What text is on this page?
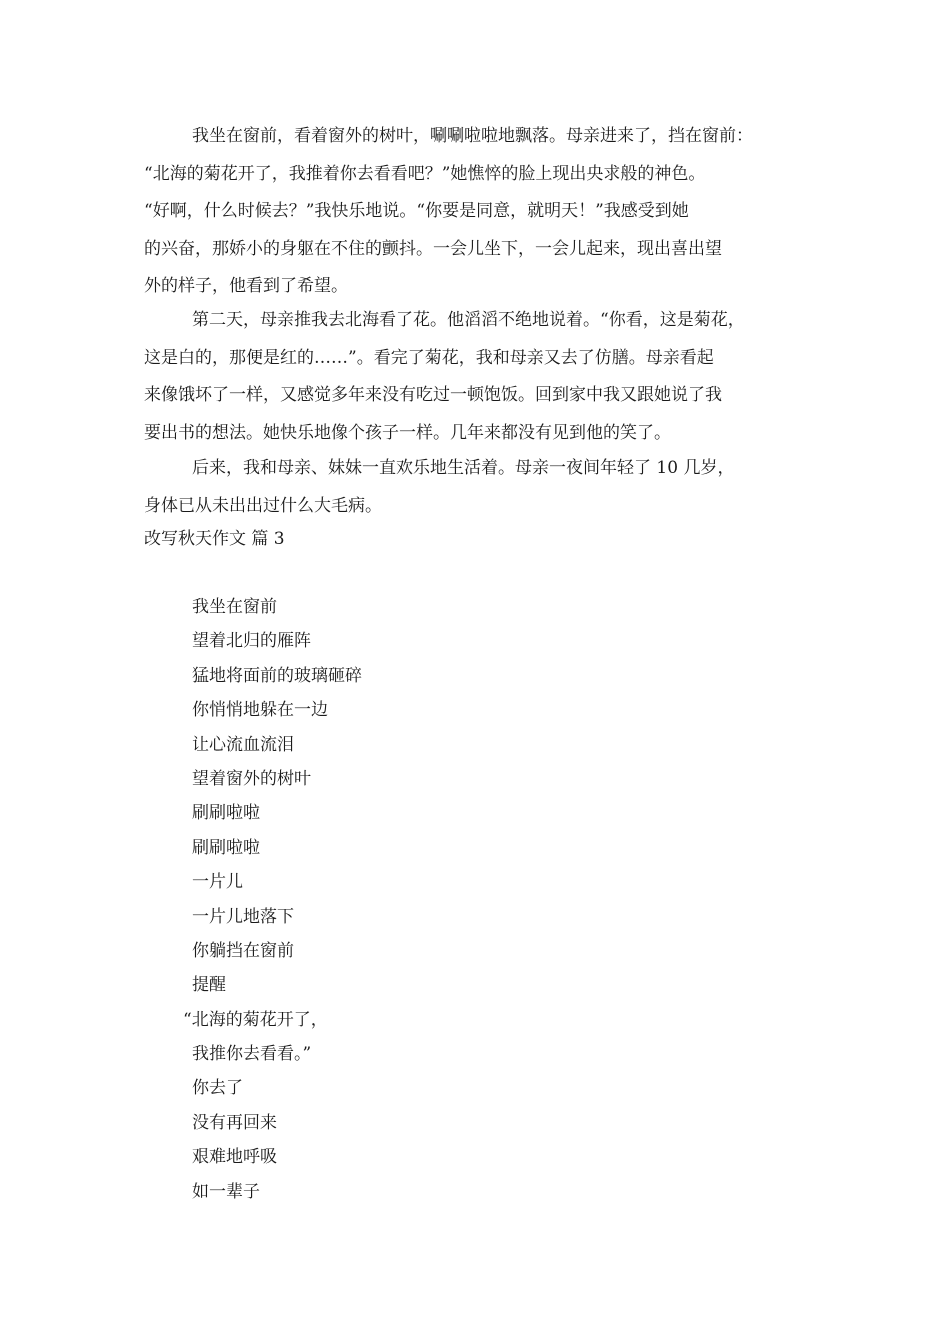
我坐在窗前，看着窗外的树叶，唰唰啦啦地飘落。母亲进来了，挡在窗前：
“北海的菊花开了，我推着你去看看吧？”她憔悴的脸上现出央求般的神色。
“好啊，什么时候去？”我快乐地说。“你要是同意，就明天！”我感受到她
的兴奋，那娇小的身躯在不住的颤抖。一会儿坐下，一会儿起来，现出喜出望
外的样子，他看到了希望。
第二天，母亲推我去北海看了花。他滔滔不绝地说着。“你看，这是菊花，
这是白的，那便是红的……”。看完了菊花，我和母亲又去了仿膳。母亲看起
来像饿坏了一样，又感觉多年来没有吃过一顿饱饭。回到家中我又跟她说了我
要出书的想法。她快乐地像个孩子一样。几年来都没有见到他的笑了。
后来，我和母亲、妹妹一直欢乐地生活着。母亲一夜间年轻了 10 几岁，
身体已从未出出过什么大毛病。
改写秋天作文 篇 3
我坐在窗前
望着北归的雁阵
猛地将面前的玻璃砸碎
你悄悄地躲在一边
让心流血流泪
望着窗外的树叶
刷刷啦啦
刷刷啦啦
一片儿
一片儿地落下
你躺挡在窗前
提醒
“北海的菊花开了，
我推你去看看。”
你去了
没有再回来
艰难地呼吸
如一辈子
